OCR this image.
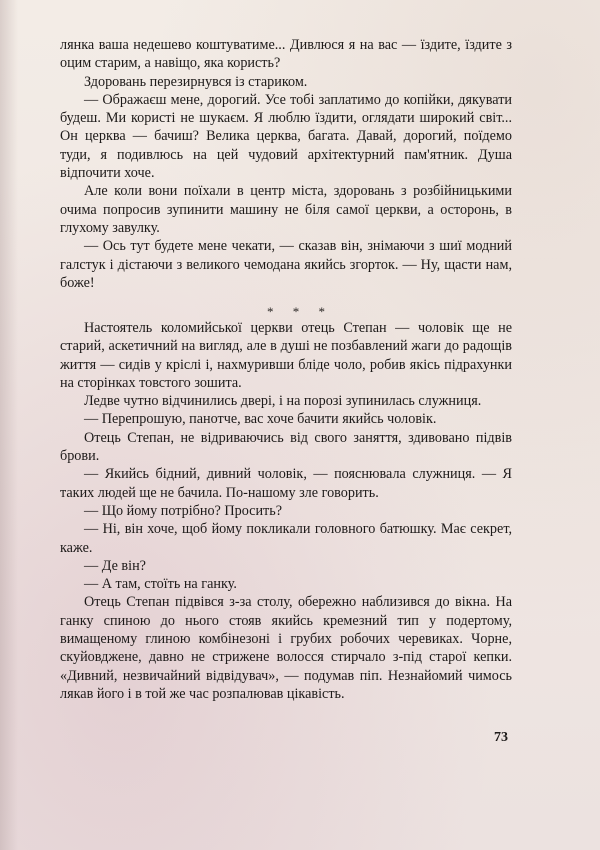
лянка ваша недешево коштуватиме... Дивлюся я на вас — їздите, їздите з оцим старим, а навіщо, яка користь?

Здоровань перезирнувся із стариком.

— Ображаєш мене, дорогий. Усе тобі заплатимо до копійки, дякувати будеш. Ми користі не шукаєм. Я люблю їздити, оглядати широкий світ... Он церква — бачиш? Велика церква, багата. Давай, дорогий, поїдемо туди, я подивлюсь на цей чудовий архітектурний пам'ятник. Душа відпочити хоче.

Але коли вони поїхали в центр міста, здоровань з розбійницькими очима попросив зупинити машину не біля самої церкви, а осторонь, в глухому завулку.

— Ось тут будете мене чекати, — сказав він, знімаючи з шиї модний галстук і дістаючи з великого чемодана якийсь згорток. — Ну, щасти нам, боже!

* * *

Настоятель коломийської церкви отець Степан — чоловік ще не старий, аскетичний на вигляд, але в душі не позбавлений жаги до радощів життя — сидів у кріслі і, нахмуривши бліде чоло, робив якісь підрахунки на сторінках товстого зошита.

Ледве чутно відчинились двері, і на порозі зупинилась служниця.

— Перепрошую, панотче, вас хоче бачити якийсь чоловік.

Отець Степан, не відриваючись від свого заняття, здивовано підвів брови.

— Якийсь бідний, дивний чоловік, — пояснювала служниця. — Я таких людей ще не бачила. По-нашому зле говорить.

— Що йому потрібно? Просить?

— Ні, він хоче, щоб йому покликали головного батюшку. Має секрет, каже.

— Де він?

— А там, стоїть на ганку.

Отець Степан підвівся з-за столу, обережно наблизився до вікна. На ганку спиною до нього стояв якийсь кремезний тип у подертому, вимащеному глиною комбінезоні і грубих робочих черевиках. Чорне, скуйовджене, давно не стрижене волосся стирчало з-під старої кепки. «Дивний, незвичайний відвідувач», — подумав піп. Незнайомий чимось лякав його і в той же час розпалював цікавість.

73
